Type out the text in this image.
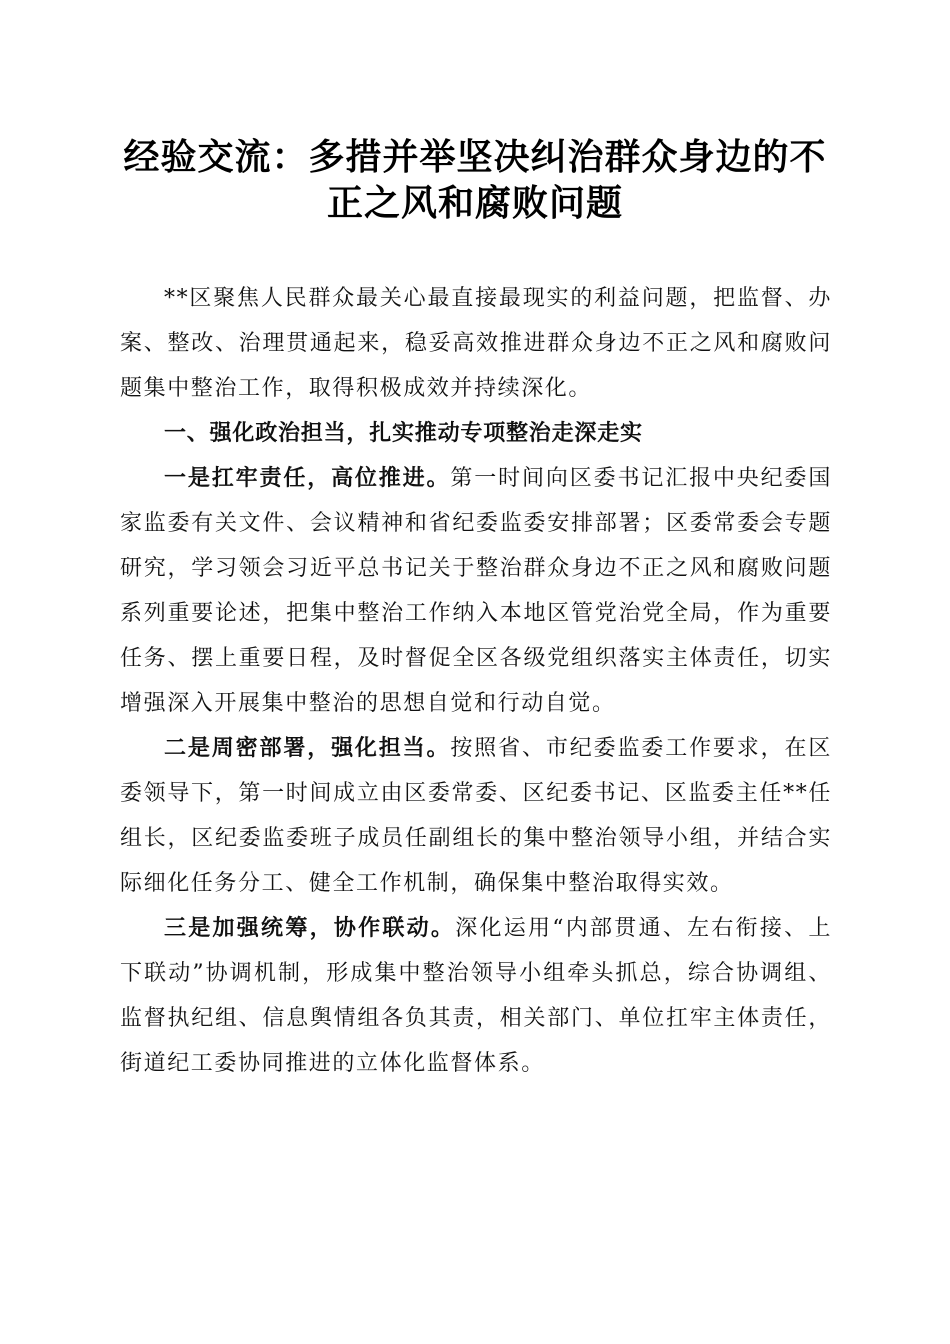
经验交流：多措并举坚决纠治群众身边的不正之风和腐败问题

**区聚焦人民群众最关心最直接最现实的利益问题，把监督、办案、整改、治理贯通起来，稳妥高效推进群众身边不正之风和腐败问题集中整治工作，取得积极成效并持续深化。

一、强化政治担当，扎实推动专项整治走深走实

一是扛牢责任，高位推进。第一时间向区委书记汇报中央纪委国家监委有关文件、会议精神和省纪委监委安排部署；区委常委会专题研究，学习领会习近平总书记关于整治群众身边不正之风和腐败问题系列重要论述，把集中整治工作纳入本地区管党治党全局，作为重要任务、摆上重要日程，及时督促全区各级党组织落实主体责任，切实增强深入开展集中整治的思想自觉和行动自觉。

二是周密部署，强化担当。按照省、市纪委监委工作要求，在区委领导下，第一时间成立由区委常委、区纪委书记、区监委主任**任组长，区纪委监委班子成员任副组长的集中整治领导小组，并结合实际细化任务分工、健全工作机制，确保集中整治取得实效。

三是加强统筹，协作联动。深化运用“内部贯通、左右衔接、上下联动”协调机制，形成集中整治领导小组牵头抓总，综合协调组、监督执纪组、信息舆情组各负其责，相关部门、单位扛牢主体责任，街道纪工委协同推进的立体化监督体系。
